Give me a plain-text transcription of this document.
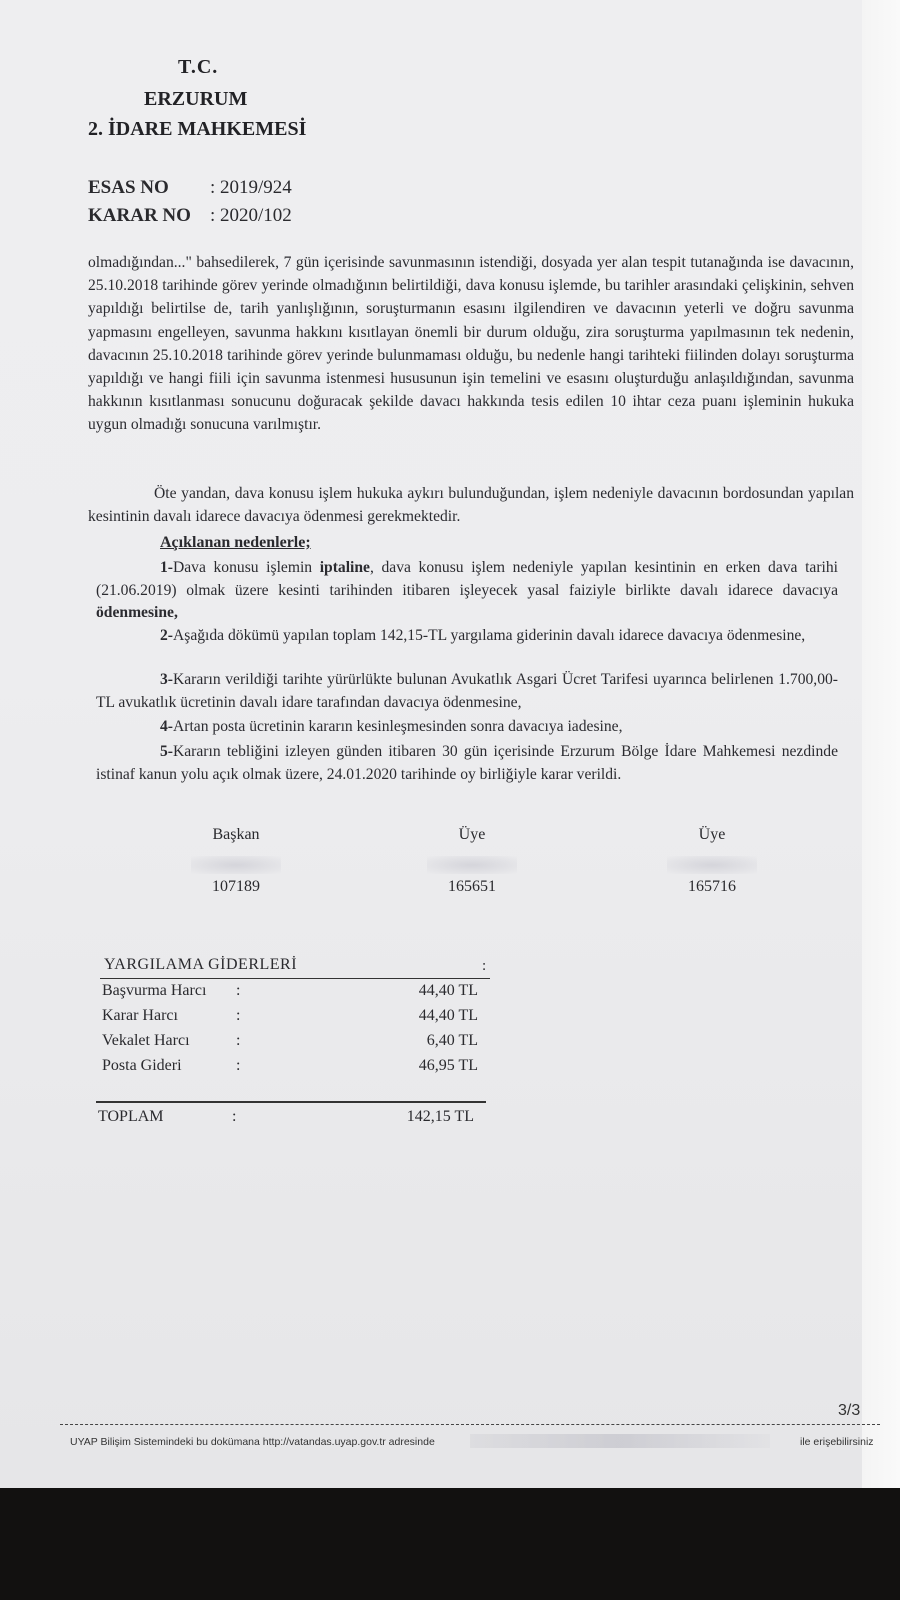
T.C.
ERZURUM
2. İDARE MAHKEMESİ
ESAS NO : 2019/924
KARAR NO : 2020/102
olmadığından..." bahsedilerek, 7 gün içerisinde savunmasının istendiği, dosyada yer alan tespit tutanağında ise davacının, 25.10.2018 tarihinde görev yerinde olmadığının belirtildiği, dava konusu işlemde, bu tarihler arasındaki çelişkinin, sehven yapıldığı belirtilse de, tarih yanlışlığının, soruşturmanın esasını ilgilendiren ve davacının yeterli ve doğru savunma yapmasını engelleyen, savunma hakkını kısıtlayan önemli bir durum olduğu, zira soruşturma yapılmasının tek nedenin, davacının 25.10.2018 tarihinde görev yerinde bulunmaması olduğu, bu nedenle hangi tarihteki fiilinden dolayı soruşturma yapıldığı ve hangi fiili için savunma istenmesi hususunun işin temelini ve esasını oluşturduğu anlaşıldığından, savunma hakkının kısıtlanması sonucunu doğuracak şekilde davacı hakkında tesis edilen 10 ihtar ceza puanı işleminin hukuka uygun olmadığı sonucuna varılmıştır.
Öte yandan, dava konusu işlem hukuka aykırı bulunduğundan, işlem nedeniyle davacının bordosundan yapılan kesintinin davalı idarece davacıya ödenmesi gerekmektedir.
Açıklanan nedenlerle;
1-Dava konusu işlemin iptaline, dava konusu işlem nedeniyle yapılan kesintinin en erken dava tarihi (21.06.2019) olmak üzere kesinti tarihinden itibaren işleyecek yasal faiziyle birlikte davalı idarece davacıya ödenmesine,
2-Aşağıda dökümü yapılan toplam 142,15-TL yargılama giderinin davalı idarece davacıya ödenmesine,
3-Kararın verildiği tarihte yürürlükte bulunan Avukatlık Asgari Ücret Tarifesi uyarınca belirlenen 1.700,00-TL avukatlık ücretinin davalı idare tarafından davacıya ödenmesine,
4-Artan posta ücretinin kararın kesinleşmesinden sonra davacıya iadesine,
5-Kararın tebliğini izleyen günden itibaren 30 gün içerisinde Erzurum Bölge İdare Mahkemesi nezdinde istinaf kanun yolu açık olmak üzere, 24.01.2020 tarihinde oy birliğiyle karar verildi.
Başkan
107189
Üye
165651
Üye
165716
YARGILAMA GİDERLERİ	:
Başvurma Harcı :	44,40 TL
Karar Harcı	:	44,40 TL
Vekalet Harcı	:	6,40 TL
Posta Gideri	:	46,95 TL
TOPLAM	:	142,15 TL
3/3
UYAP Bilişim Sistemindeki bu dokümana http://vatandas.uyap.gov.tr adresinde	ile erişebilirsiniz
